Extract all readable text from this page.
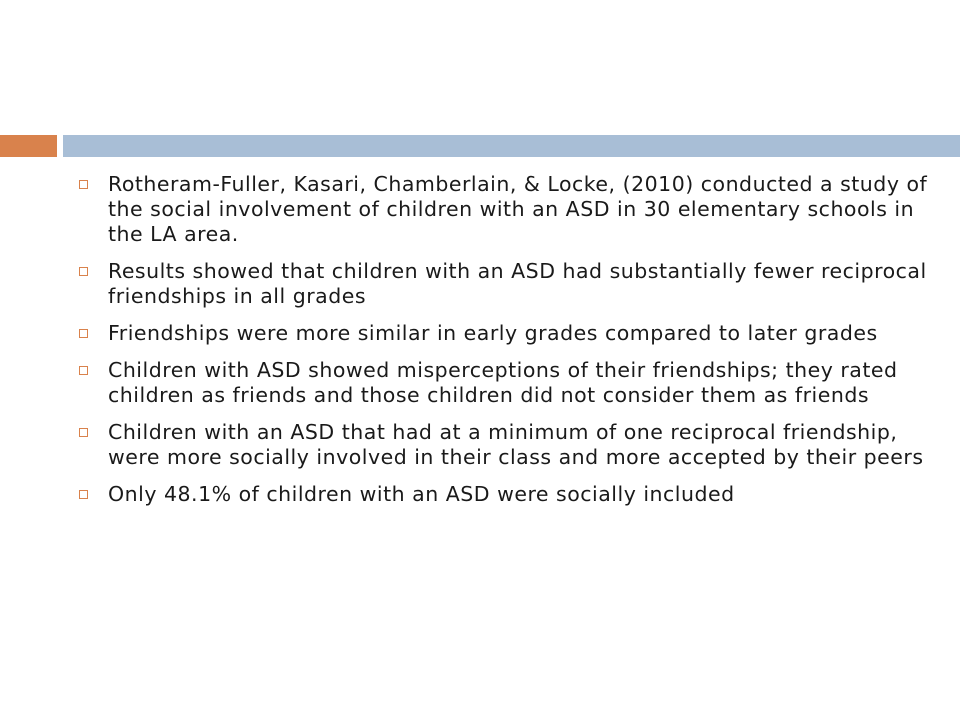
Rotheram-Fuller, Kasari, Chamberlain, & Locke, (2010) conducted a study of the social involvement of children with an ASD in 30 elementary schools in the LA area.
Results showed that children with an ASD had substantially fewer reciprocal friendships in all grades
Friendships were more similar in early grades compared to later grades
Children with ASD showed misperceptions of their friendships; they rated children as friends and those children did not consider them as friends
Children with an ASD that had at a minimum of one reciprocal friendship, were more socially involved in their class and more accepted by their peers
Only 48.1% of children with an ASD were socially included
